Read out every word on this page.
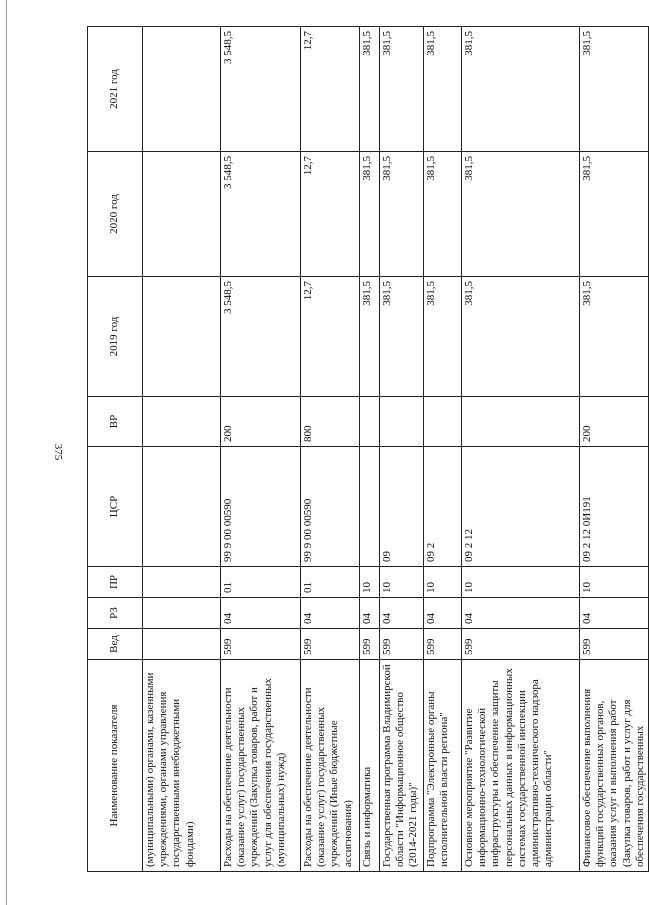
375
Наименование показателя	Вед	РЗ	ПР	ЦСР	ВР	2019 год	2020 год	2021 год
(муниципальными) органами, казенными учреждениями, органами управления государственными внебюджетными фондами)								
Расходы на обеспечение деятельности (оказание услуг) государственных учреждений (Закупка товаров, работ и услуг для обеспечения государственных (муниципальных) нужд)	599	04	01	99 9 00 00590	200	3 548,5	3 548,5	3 548,5
Расходы на обеспечение деятельности (оказание услуг) государственных учреждений (Иные бюджетные ассигнования)	599	04	01	99 9 00 00590	800	12,7	12,7	12,7
Связь и информатика	599	04	10			381,5	381,5	381,5
Государственная программа Владимирской области "Информационное общество (2014-2021 годы)"	599	04	10	09		381,5	381,5	381,5
Подпрограмма "Электронные органы исполнительной власти региона"	599	04	10	09 2		381,5	381,5	381,5
Основное мероприятие "Развитие информационно-технологической инфраструктуры и обеспечение защиты персональных данных в информационных системах государственной инспекции административно-технического надзора администрации области"	599	04	10	09 2 12		381,5	381,5	381,5
Финансовое обеспечение выполнения функций государственных органов, оказания услуг и выполнения работ (Закупка товаров, работ и услуг для обеспечения государственных	599	04	10	09 2 12 0И191	200	381,5	381,5	381,5
